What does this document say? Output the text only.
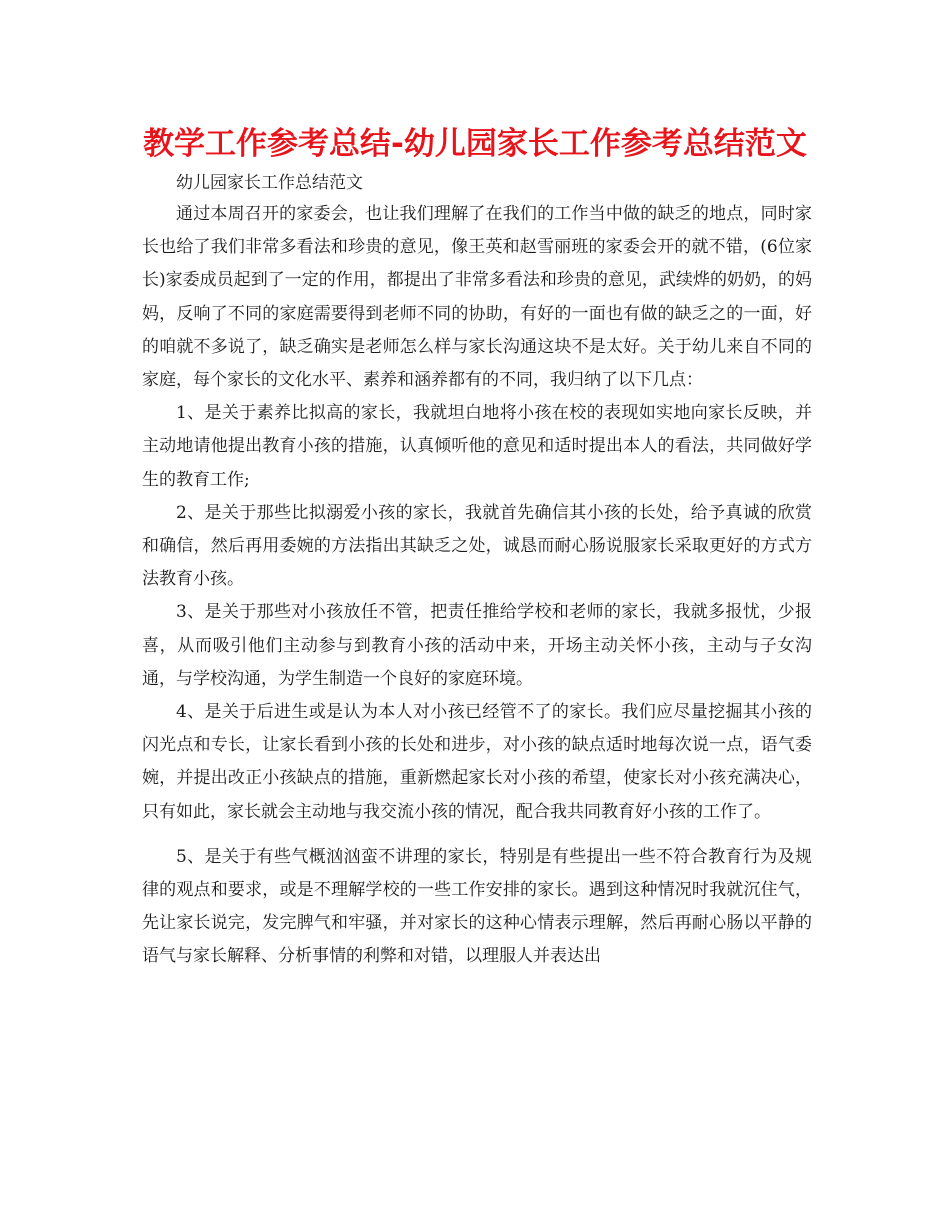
教学工作参考总结-幼儿园家长工作参考总结范文
幼儿园家长工作总结范文

通过本周召开的家委会，也让我们理解了在我们的工作当中做的缺乏的地点，同时家长也给了我们非常多看法和珍贵的意见，像王英和赵雪丽班的家委会开的就不错，(6位家长)家委成员起到了一定的作用，都提出了非常多看法和珍贵的意见，武续烨的奶奶，的妈妈，反响了不同的家庭需要得到老师不同的协助，有好的一面也有做的缺乏之的一面，好的咱就不多说了，缺乏确实是老师怎么样与家长沟通这块不是太好。关于幼儿来自不同的家庭，每个家长的文化水平、素养和涵养都有的不同，我归纳了以下几点：

1、是关于素养比拟高的家长，我就坦白地将小孩在校的表现如实地向家长反映，并主动地请他提出教育小孩的措施，认真倾听他的意见和适时提出本人的看法，共同做好学生的教育工作;

2、是关于那些比拟溺爱小孩的家长，我就首先确信其小孩的长处，给予真诚的欣赏和确信，然后再用委婉的方法指出其缺乏之处，诚恳而耐心肠说服家长采取更好的方式方法教育小孩。

3、是关于那些对小孩放任不管，把责任推给学校和老师的家长，我就多报忧，少报喜，从而吸引他们主动参与到教育小孩的活动中来，开场主动关怀小孩，主动与子女沟通，与学校沟通，为学生制造一个良好的家庭环境。

4、是关于后进生或是认为本人对小孩已经管不了的家长。我们应尽量挖掘其小孩的闪光点和专长，让家长看到小孩的长处和进步，对小孩的缺点适时地每次说一点，语气委婉，并提出改正小孩缺点的措施，重新燃起家长对小孩的希望，使家长对小孩充满决心，只有如此，家长就会主动地与我交流小孩的情况，配合我共同教育好小孩的工作了。

5、是关于有些气概汹汹蛮不讲理的家长，特别是有些提出一些不符合教育行为及规律的观点和要求，或是不理解学校的一些工作安排的家长。遇到这种情况时我就沉住气，先让家长说完，发完脾气和牢骚，并对家长的这种心情表示理解，然后再耐心肠以平静的语气与家长解释、分析事情的利弊和对错，以理服人并表达出
